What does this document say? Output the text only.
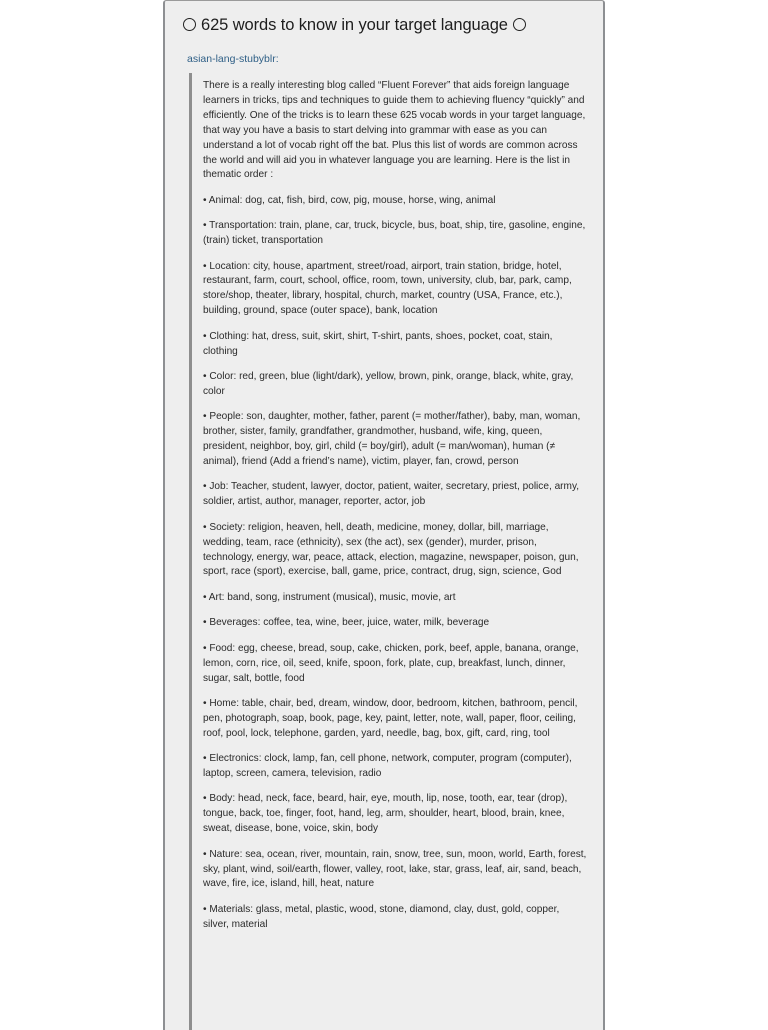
625 words to know in your target language
asian-lang-stubyblr:

There is a really interesting blog called “Fluent Forever” that aids foreign language learners in tricks, tips and techniques to guide them to achieving fluency “quickly” and efficiently. One of the tricks is to learn these 625 vocab words in your target language, that way you have a basis to start delving into grammar with ease as you can understand a lot of vocab right off the bat. Plus this list of words are common across the world and will aid you in whatever language you are learning. Here is the list in thematic order :

• Animal: dog, cat, fish, bird, cow, pig, mouse, horse, wing, animal

• Transportation: train, plane, car, truck, bicycle, bus, boat, ship, tire, gasoline, engine, (train) ticket, transportation

• Location: city, house, apartment, street/road, airport, train station, bridge, hotel, restaurant, farm, court, school, office, room, town, university, club, bar, park, camp, store/shop, theater, library, hospital, church, market, country (USA, France, etc.), building, ground, space (outer space), bank, location

• Clothing: hat, dress, suit, skirt, shirt, T-shirt, pants, shoes, pocket, coat, stain, clothing

• Color: red, green, blue (light/dark), yellow, brown, pink, orange, black, white, gray, color

• People: son, daughter, mother, father, parent (= mother/father), baby, man, woman, brother, sister, family, grandfather, grandmother, husband, wife, king, queen, president, neighbor, boy, girl, child (= boy/girl), adult (= man/woman), human (≠ animal), friend (Add a friend’s name), victim, player, fan, crowd, person

• Job: Teacher, student, lawyer, doctor, patient, waiter, secretary, priest, police, army, soldier, artist, author, manager, reporter, actor, job

• Society: religion, heaven, hell, death, medicine, money, dollar, bill, marriage, wedding, team, race (ethnicity), sex (the act), sex (gender), murder, prison, technology, energy, war, peace, attack, election, magazine, newspaper, poison, gun, sport, race (sport), exercise, ball, game, price, contract, drug, sign, science, God

• Art: band, song, instrument (musical), music, movie, art

• Beverages: coffee, tea, wine, beer, juice, water, milk, beverage

• Food: egg, cheese, bread, soup, cake, chicken, pork, beef, apple, banana, orange, lemon, corn, rice, oil, seed, knife, spoon, fork, plate, cup, breakfast, lunch, dinner, sugar, salt, bottle, food

• Home: table, chair, bed, dream, window, door, bedroom, kitchen, bathroom, pencil, pen, photograph, soap, book, page, key, paint, letter, note, wall, paper, floor, ceiling, roof, pool, lock, telephone, garden, yard, needle, bag, box, gift, card, ring, tool

• Electronics: clock, lamp, fan, cell phone, network, computer, program (computer), laptop, screen, camera, television, radio

• Body: head, neck, face, beard, hair, eye, mouth, lip, nose, tooth, ear, tear (drop), tongue, back, toe, finger, foot, hand, leg, arm, shoulder, heart, blood, brain, knee, sweat, disease, bone, voice, skin, body

• Nature: sea, ocean, river, mountain, rain, snow, tree, sun, moon, world, Earth, forest, sky, plant, wind, soil/earth, flower, valley, root, lake, star, grass, leaf, air, sand, beach, wave, fire, ice, island, hill, heat, nature

• Materials: glass, metal, plastic, wood, stone, diamond, clay, dust, gold, copper, silver, material
